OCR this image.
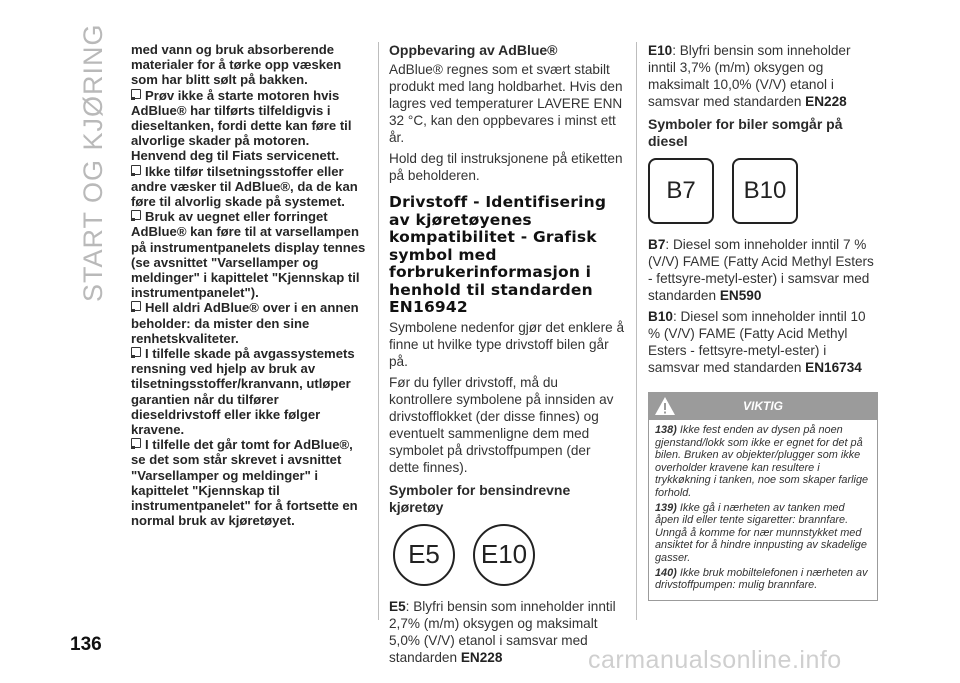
START OG KJØRING med vann og bruk absorberende materialer for å tørke opp væsken som har blitt sølt på bakken.

Prøv ikke å starte motoren hvis AdBlue® har tilførts tilfeldigvis i dieseltanken, fordi dette kan føre til alvorlige skader på motoren. Henvend deg til Fiats servicenett.

Ikke tilfør tilsetningsstoffer eller andre væsker til AdBlue®, da de kan føre til alvorlig skade på systemet.

Bruk av uegnet eller forringet AdBlue® kan føre til at varsellampen på instrumentpanelets display tennes (se avsnittet "Varsellamper og meldinger" i kapittelet "Kjennskap til instrumentpanelet").

Hell aldri AdBlue® over i en annen beholder: da mister den sine renhetskvaliteter.

I tilfelle skade på avgassystemets rensning ved hjelp av bruk av tilsetningsstoffer/kranvann, utløper garantien når du tilfører dieseldrivstoff eller ikke følger kravene.

I tilfelle det går tomt for AdBlue®, se det som står skrevet i avsnittet "Varsellamper og meldinger" i kapittelet "Kjennskap til instrumentpanelet" for å fortsette en normal bruk av kjøretøyet.

Oppbevaring av AdBlue®

AdBlue® regnes som et svært stabilt produkt med lang holdbarhet. Hvis den lagres ved temperaturer LAVERE ENN 32 °C, kan den oppbevares i minst ett år.

Hold deg til instruksjonene på etiketten på beholderen.

Drivstoff - Identifisering av kjøretøyenes kompatibilitet - Grafisk symbol med forbrukerinformasjon i henhold til standarden EN16942

Symbolene nedenfor gjør det enklere å finne ut hvilke type drivstoff bilen går på.

Før du fyller drivstoff, må du kontrollere symbolene på innsiden av drivstofflokket (der disse finnes) og eventuelt sammenligne dem med symbolet på drivstoffpumpen (der dette finnes).

Symboler for bensindrevne kjøretøy
E5	E10

E5: Blyfri bensin som inneholder inntil 2,7% (m/m) oksygen og maksimalt 5,0% (V/V) etanol i samsvar med standarden EN228

E10: Blyfri bensin som inneholder inntil 3,7% (m/m) oksygen og maksimalt 10,0% (V/V) etanol i samsvar med standarden EN228

Symboler for biler somgår på diesel
B7	B10

B7: Diesel som inneholder inntil 7 % (V/V) FAME (Fatty Acid Methyl Esters - fettsyre-metyl-ester) i samsvar med standarden EN590

B10: Diesel som inneholder inntil 10 % (V/V) FAME (Fatty Acid Methyl Esters - fettsyre-metyl-ester) i samsvar med standarden EN16734

VIKTIG

138) Ikke fest enden av dysen på noen gjenstand/lokk som ikke er egnet for det på bilen. Bruken av objekter/plugger som ikke overholder kravene kan resultere i trykkøkning i tanken, noe som skaper farlige forhold.

139) Ikke gå i nærheten av tanken med åpen ild eller tente sigaretter: brannfare. Unngå å komme for nær munnstykket med ansiktet for å hindre innpusting av skadelige gasser.

140) Ikke bruk mobiltelefonen i nærheten av drivstoffpumpen: mulig brannfare.

136
carmanualsonline.info
